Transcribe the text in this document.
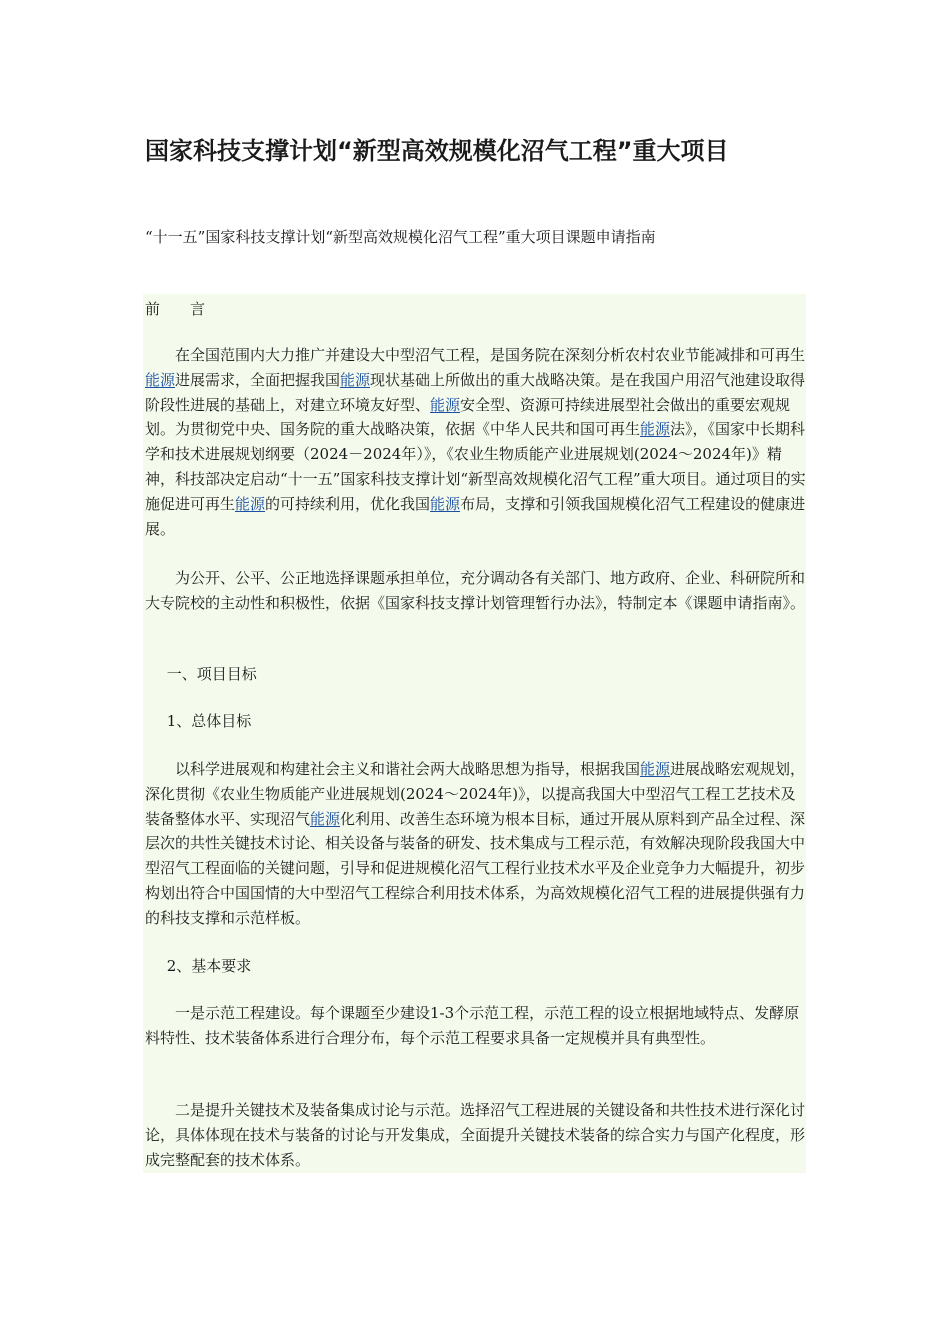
国家科技支撑计划“新型高效规模化沼气工程”重大项目

“十一五”国家科技支撑计划“新型高效规模化沼气工程”重大项目课题申请指南

前 言

在全国范围内大力推广并建设大中型沼气工程，是国务院在深刻分析农村农业节能减排和可再生能源进展需求，全面把握我国能源现状基础上所做出的重大战略决策。是在我国户用沼气池建设取得阶段性进展的基础上，对建立环境友好型、能源安全型、资源可持续进展型社会做出的重要宏观规划。为贯彻党中央、国务院的重大战略决策，依据《中华人民共和国可再生能源法》，《国家中长期科学和技术进展规划纲要（2024－2024年）》，《农业生物质能产业进展规划(2024～2024年)》精神，科技部决定启动“十一五”国家科技支撑计划“新型高效规模化沼气工程”重大项目。通过项目的实施促进可再生能源的可持续利用，优化我国能源布局，支撑和引领我国规模化沼气工程建设的健康进展。

为公开、公平、公正地选择课题承担单位，充分调动各有关部门、地方政府、企业、科研院所和大专院校的主动性和积极性，依据《国家科技支撑计划管理暂行办法》，特制定本《课题申请指南》。

一、项目目标

1、总体目标

以科学进展观和构建社会主义和谐社会两大战略思想为指导，根据我国能源进展战略宏观规划，深化贯彻《农业生物质能产业进展规划(2024～2024年)》，以提高我国大中型沼气工程工艺技术及装备整体水平、实现沼气能源化利用、改善生态环境为根本目标，通过开展从原料到产品全过程、深层次的共性关键技术讨论、相关设备与装备的研发、技术集成与工程示范，有效解决现阶段我国大中型沼气工程面临的关键问题，引导和促进规模化沼气工程行业技术水平及企业竞争力大幅提升，初步构划出符合中国国情的大中型沼气工程综合利用技术体系，为高效规模化沼气工程的进展提供强有力的科技支撑和示范样板。

2、基本要求

一是示范工程建设。每个课题至少建设1-3个示范工程，示范工程的设立根据地域特点、发酵原料特性、技术装备体系进行合理分布，每个示范工程要求具备一定规模并具有典型性。

二是提升关键技术及装备集成讨论与示范。选择沼气工程进展的关键设备和共性技术进行深化讨论，具体体现在技术与装备的讨论与开发集成，全面提升关键技术装备的综合实力与国产化程度，形成完整配套的技术体系。
